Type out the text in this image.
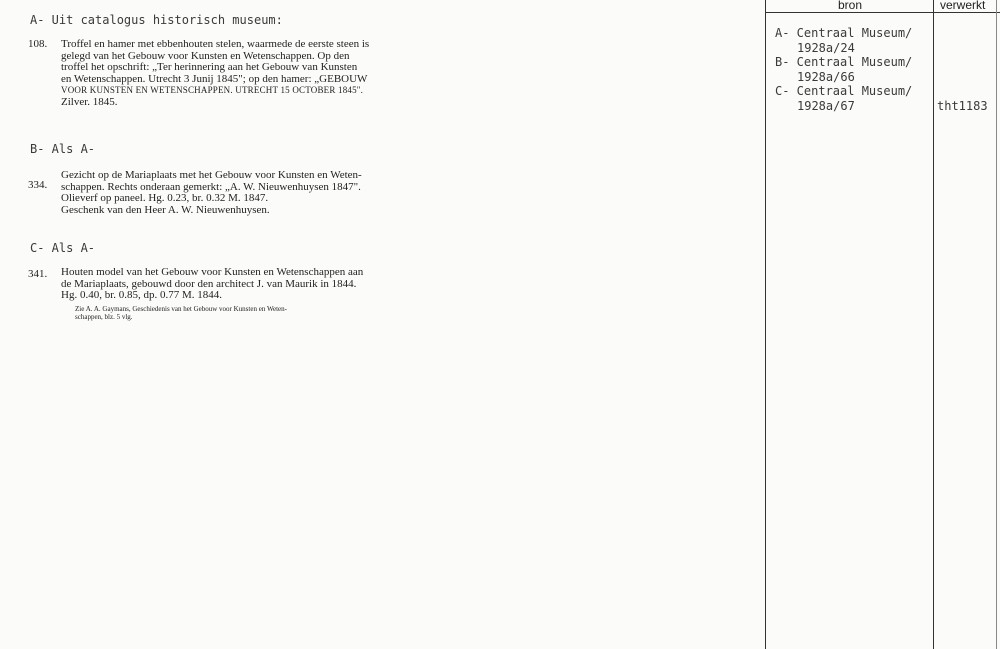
A- Uit catalogus historisch museum:
108. Troffel en hamer met ebbenhouten stelen, waarmede de eerste steen is
gelegd van het Gebouw voor Kunsten en Wetenschappen. Op den
troffel het opschrift: „Ter herinnering aan het Gebouw van Kunsten
en Wetenschappen. Utrecht 3 Junij 1845"; op den hamer: „GEBOUW
VOOR KUNSTEN EN WETENSCHAPPEN. UTRECHT 15 OCTOBER 1845".
Zilver. 1845.
B- Als A-
334.
Gezicht op de Mariaplaats met het Gebouw voor Kunsten en Weten-
schappen. Rechts onderaan gemerkt: „A. W. Nieuwenhuysen 1847".
Olieverf op paneel. Hg. 0.23, br. 0.32 M. 1847.
Geschenk van den Heer A. W. Nieuwenhuysen.
C- Als A-
341. Houten model van het Gebouw voor Kunsten en Wetenschappen aan
de Mariaplaats, gebouwd door den architect J. van Maurik in 1844.
Hg. 0.40, br. 0.85, dp. 0.77 M. 1844.
Zie A. A. Gaymans, Geschiedenis van het Gebouw voor Kunsten en Weten-
schappen, blz. 5 vlg.
bron	verwerkt
A- Centraal Museum/
1928a/24
B- Centraal Museum/
1928a/66
C- Centraal Museum/
1928a/67	tht1183
